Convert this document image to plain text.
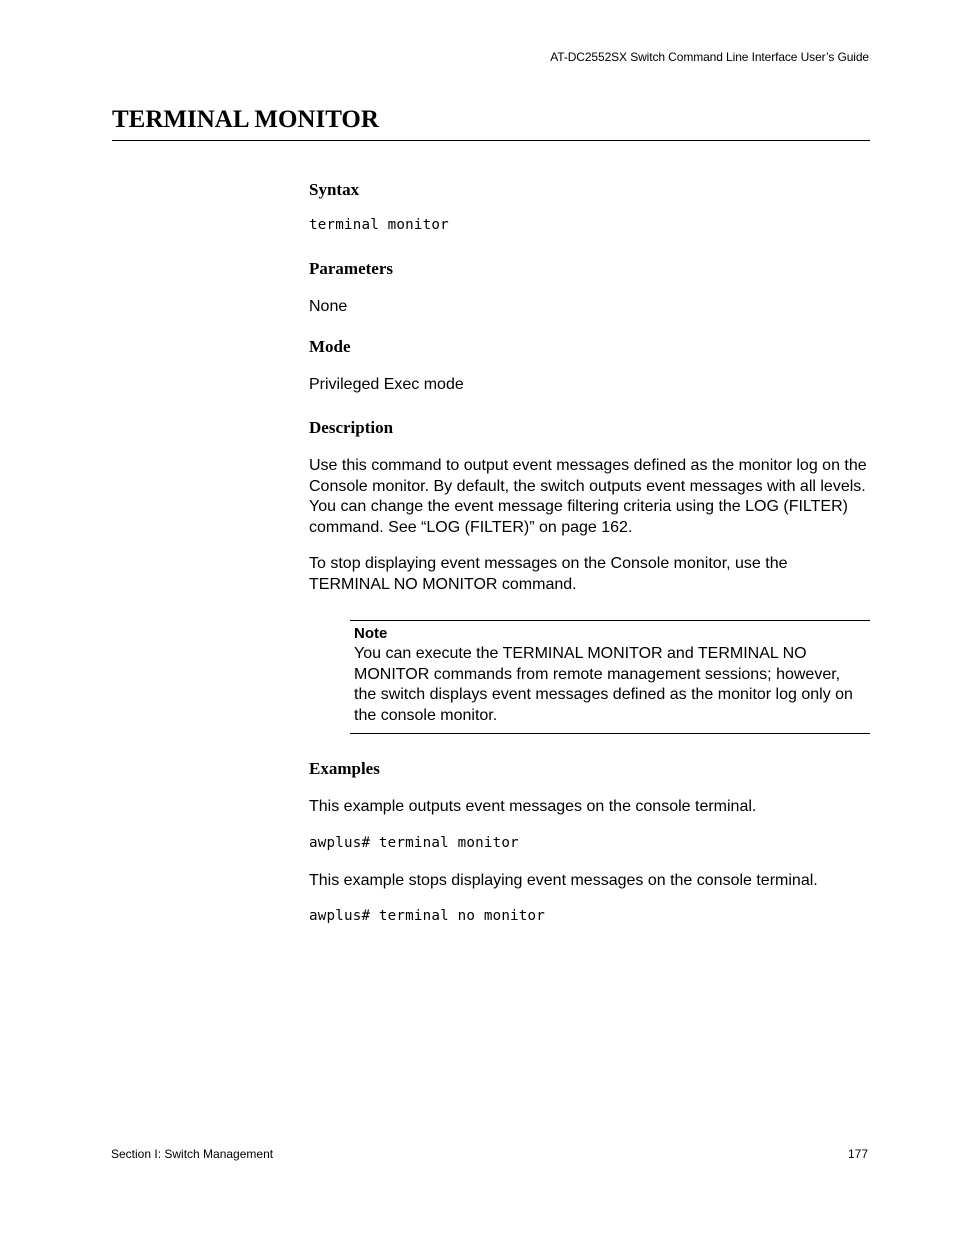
AT-DC2552SX Switch Command Line Interface User’s Guide
TERMINAL MONITOR
Syntax
terminal monitor
Parameters

None

Mode

Privileged Exec mode

Description

Use this command to output event messages defined as the monitor log on the Console monitor. By default, the switch outputs event messages with all levels. You can change the event message filtering criteria using the LOG (FILTER) command. See “LOG (FILTER)” on page 162.

To stop displaying event messages on the Console monitor, use the TERMINAL NO MONITOR command.

Note

You can execute the TERMINAL MONITOR and TERMINAL NO MONITOR commands from remote management sessions; however, the switch displays event messages defined as the monitor log only on the console monitor.

Examples

This example outputs event messages on the console terminal.

awplus# terminal monitor

This example stops displaying event messages on the console terminal.

awplus# terminal no monitor
Section I: Switch Management	177
